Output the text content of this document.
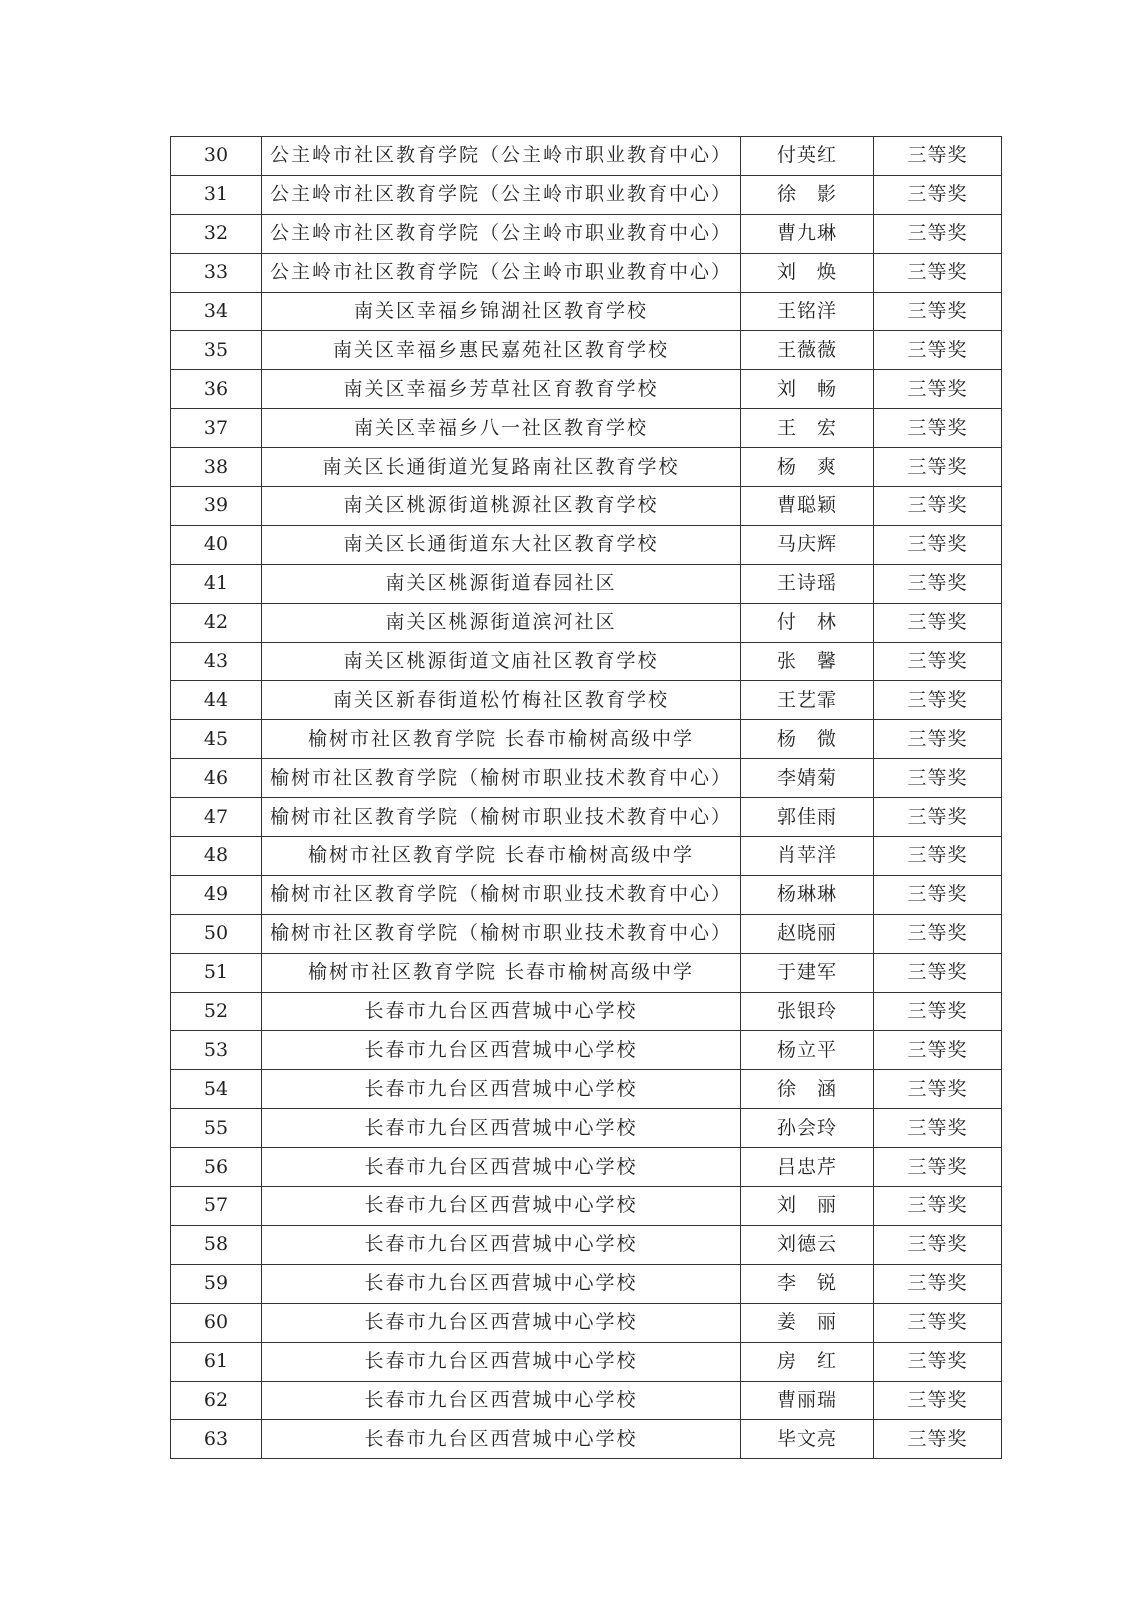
30	公主岭市社区教育学院（公主岭市职业教育中心）	付英红	三等奖
31	公主岭市社区教育学院（公主岭市职业教育中心）	徐　影	三等奖
32	公主岭市社区教育学院（公主岭市职业教育中心）	曹九琳	三等奖
33	公主岭市社区教育学院（公主岭市职业教育中心）	刘　焕	三等奖
34	南关区幸福乡锦湖社区教育学校	王铭洋	三等奖
35	南关区幸福乡惠民嘉苑社区教育学校	王薇薇	三等奖
36	南关区幸福乡芳草社区育教育学校	刘　畅	三等奖
37	南关区幸福乡八一社区教育学校	王　宏	三等奖
38	南关区长通街道光复路南社区教育学校	杨　爽	三等奖
39	南关区桃源街道桃源社区教育学校	曹聪颖	三等奖
40	南关区长通街道东大社区教育学校	马庆辉	三等奖
41	南关区桃源街道春园社区	王诗瑶	三等奖
42	南关区桃源街道滨河社区	付　林	三等奖
43	南关区桃源街道文庙社区教育学校	张　馨	三等奖
44	南关区新春街道松竹梅社区教育学校	王艺霏	三等奖
45	榆树市社区教育学院 长春市榆树高级中学	杨　微	三等奖
46	榆树市社区教育学院（榆树市职业技术教育中心）	李婧菊	三等奖
47	榆树市社区教育学院（榆树市职业技术教育中心）	郭佳雨	三等奖
48	榆树市社区教育学院 长春市榆树高级中学	肖苹洋	三等奖
49	榆树市社区教育学院（榆树市职业技术教育中心）	杨琳琳	三等奖
50	榆树市社区教育学院（榆树市职业技术教育中心）	赵晓丽	三等奖
51	榆树市社区教育学院 长春市榆树高级中学	于建军	三等奖
52	长春市九台区西营城中心学校	张银玲	三等奖
53	长春市九台区西营城中心学校	杨立平	三等奖
54	长春市九台区西营城中心学校	徐　涵	三等奖
55	长春市九台区西营城中心学校	孙会玲	三等奖
56	长春市九台区西营城中心学校	吕忠芹	三等奖
57	长春市九台区西营城中心学校	刘　丽	三等奖
58	长春市九台区西营城中心学校	刘德云	三等奖
59	长春市九台区西营城中心学校	李　锐	三等奖
60	长春市九台区西营城中心学校	姜　丽	三等奖
61	长春市九台区西营城中心学校	房　红	三等奖
62	长春市九台区西营城中心学校	曹丽瑞	三等奖
63	长春市九台区西营城中心学校	毕文亮	三等奖
